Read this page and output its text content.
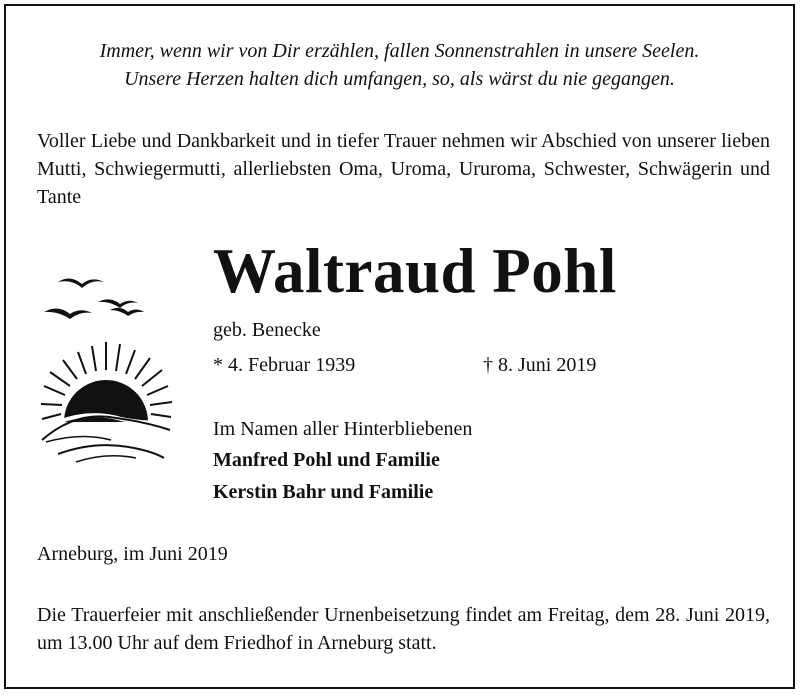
Immer, wenn wir von Dir erzählen, fallen Sonnenstrahlen in unsere Seelen.
Unsere Herzen halten dich umfangen, so, als wärst du nie gegangen.
Voller Liebe und Dankbarkeit und in tiefer Trauer nehmen wir Abschied von unserer lieben Mutti, Schwiegermutti, allerliebsten Oma, Uroma, Ururoma, Schwester, Schwägerin und Tante
Waltraud Pohl
geb. Benecke
* 4. Februar 1939	† 8. Juni 2019
Im Namen aller Hinterbliebenen
Manfred Pohl und Familie
Kerstin Bahr und Familie
Arneburg, im Juni 2019
Die Trauerfeier mit anschließender Urnenbeisetzung findet am Freitag, dem 28. Juni 2019, um 13.00 Uhr auf dem Friedhof in Arneburg statt.
